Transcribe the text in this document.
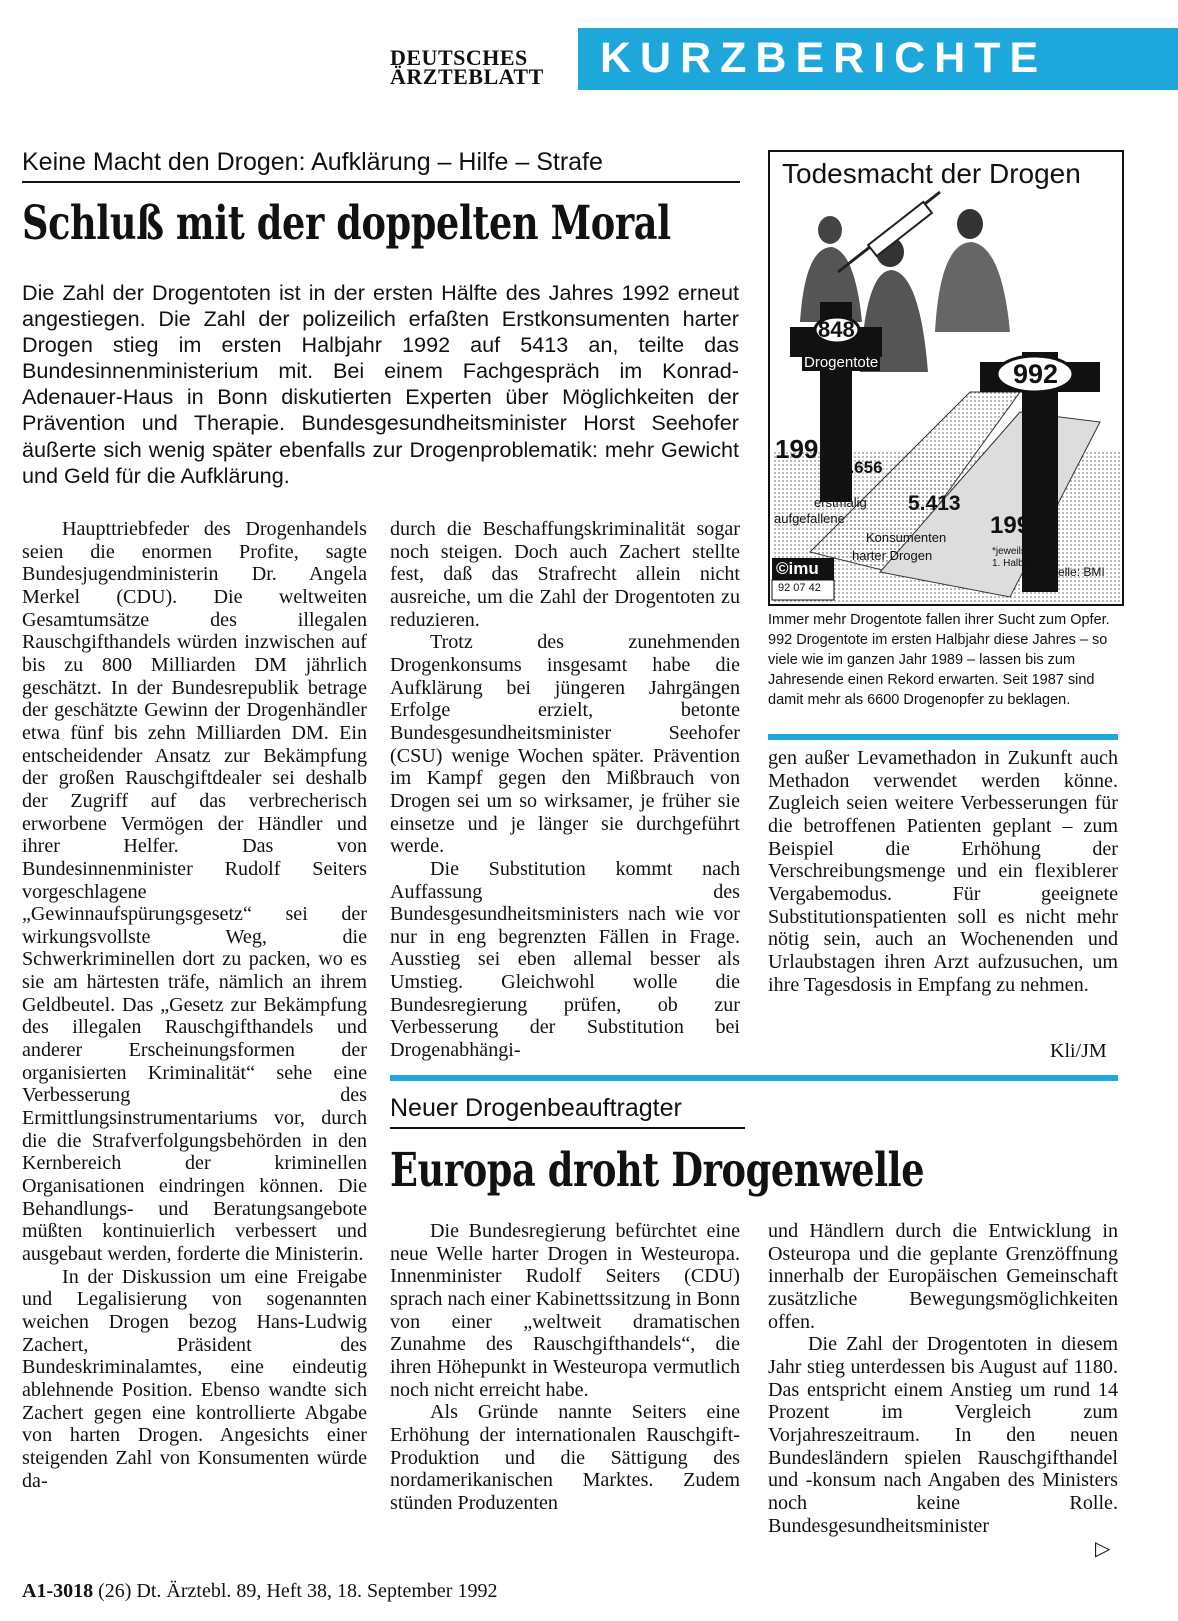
DEUTSCHES
ÄRZTEBLATT KURZBERICHTE
Keine Macht den Drogen: Aufklärung – Hilfe – Strafe
Schluß mit der doppelten Moral
Die Zahl der Drogentoten ist in der ersten Hälfte des Jahres 1992 erneut angestiegen. Die Zahl der polizeilich erfaßten Erstkonsumenten harter Drogen stieg im ersten Halbjahr 1992 auf 5413 an, teilte das Bundesinnenministerium mit. Bei einem Fachgespräch im Konrad-Adenauer-Haus in Bonn diskutierten Experten über Möglichkeiten der Prävention und Therapie. Bundesgesundheitsminister Horst Seehofer äußerte sich wenig später ebenfalls zur Drogenproblematik: mehr Gewicht und Geld für die Aufklärung.

Haupttriebfeder des Drogenhandels seien die enormen Profite, sagte Bundesjugendministerin Dr. Angela Merkel (CDU). Die weltweiten Gesamtumsätze des illegalen Rauschgifthandels würden inzwischen auf bis zu 800 Milliarden DM jährlich geschätzt. In der Bundesrepublik betrage der geschätzte Gewinn der Drogenhändler etwa fünf bis zehn Milliarden DM. Ein entscheidender Ansatz zur Bekämpfung der großen Rauschgiftdealer sei deshalb der Zugriff auf das verbrecherisch erworbene Vermögen der Händler und ihrer Helfer. Das von Bundesinnenminister Rudolf Seiters vorgeschlagene „Gewinnaufspürungsgesetz“ sei der wirkungsvollste Weg, die Schwerkriminellen dort zu packen, wo es sie am härtesten träfe, nämlich an ihrem Geldbeutel. Das „Gesetz zur Bekämpfung des illegalen Rauschgifthandels und anderer Erscheinungsformen der organisierten Kriminalität“ sehe eine Verbesserung des Ermittlungsinstrumentariums vor, durch die die Strafverfolgungsbehörden in den Kernbereich der kriminellen Organisationen eindringen können. Die Behandlungs- und Beratungsangebote müßten kontinuierlich verbessert und ausgebaut werden, forderte die Ministerin.

In der Diskussion um eine Freigabe und Legalisierung von sogenannten weichen Drogen bezog Hans-Ludwig Zachert, Präsident des Bundeskriminalamtes, eine eindeutig ablehnende Position. Ebenso wandte sich Zachert gegen eine kontrollierte Abgabe von harten Drogen. Angesichts einer steigenden Zahl von Konsumenten würde da-

durch die Beschaffungskriminalität sogar noch steigen. Doch auch Zachert stellte fest, daß das Strafrecht allein nicht ausreiche, um die Zahl der Drogentoten zu reduzieren.

Trotz des zunehmenden Drogenkonsums insgesamt habe die Aufklärung bei jüngeren Jahrgängen Erfolge erzielt, betonte Bundesgesundheitsminister Seehofer (CSU) wenige Wochen später. Prävention im Kampf gegen den Mißbrauch von Drogen sei um so wirksamer, je früher sie einsetze und je länger sie durchgeführt werde.

Die Substitution kommt nach Auffassung des Bundesgesundheitsministers nach wie vor nur in eng begrenzten Fällen in Frage. Ausstieg sei eben allemal besser als Umstieg. Gleichwohl wolle die Bundesregierung prüfen, ob zur Verbesserung der Substitution bei Drogenabhängi-

Todesmacht der Drogen
848
Drogentote	992
1991*
4.656
erstmalig
aufgefallene
5.413
1992*
Konsumenten
harter Drogen	*jeweils
1. Halbjahr
Quelle: BMI
©imu
92 07 42
Immer mehr Drogentote fallen ihrer Sucht zum Opfer. 992 Drogentote im ersten Halbjahr diese Jahres – so viele wie im ganzen Jahr 1989 – lassen bis zum Jahresende einen Rekord erwarten. Seit 1987 sind damit mehr als 6600 Drogenopfer zu beklagen.

gen außer Levamethadon in Zukunft auch Methadon verwendet werden könne. Zugleich seien weitere Verbesserungen für die betroffenen Patienten geplant – zum Beispiel die Erhöhung der Verschreibungsmenge und ein flexiblerer Vergabemodus. Für geeignete Substitutionspatienten soll es nicht mehr nötig sein, auch an Wochenenden und Urlaubstagen ihren Arzt aufzusuchen, um ihre Tagesdosis in Empfang zu nehmen.

Kli/JM
Neuer Drogenbeauftragter
Europa droht Drogenwelle

Die Bundesregierung befürchtet eine neue Welle harter Drogen in Westeuropa. Innenminister Rudolf Seiters (CDU) sprach nach einer Kabinettssitzung in Bonn von einer „weltweit dramatischen Zunahme des Rauschgifthandels“, die ihren Höhepunkt in Westeuropa vermutlich noch nicht erreicht habe.

Als Gründe nannte Seiters eine Erhöhung der internationalen Rauschgift-Produktion und die Sättigung des nordamerikanischen Marktes. Zudem stünden Produzenten

und Händlern durch die Entwicklung in Osteuropa und die geplante Grenzöffnung innerhalb der Europäischen Gemeinschaft zusätzliche Bewegungsmöglichkeiten offen.

Die Zahl der Drogentoten in diesem Jahr stieg unterdessen bis August auf 1180. Das entspricht einem Anstieg um rund 14 Prozent im Vergleich zum Vorjahreszeitraum. In den neuen Bundesländern spielen Rauschgifthandel und -konsum nach Angaben des Ministers noch keine Rolle. Bundesgesundheitsminister

▷
A1-3018 (26) Dt. Ärztebl. 89, Heft 38, 18. September 1992
